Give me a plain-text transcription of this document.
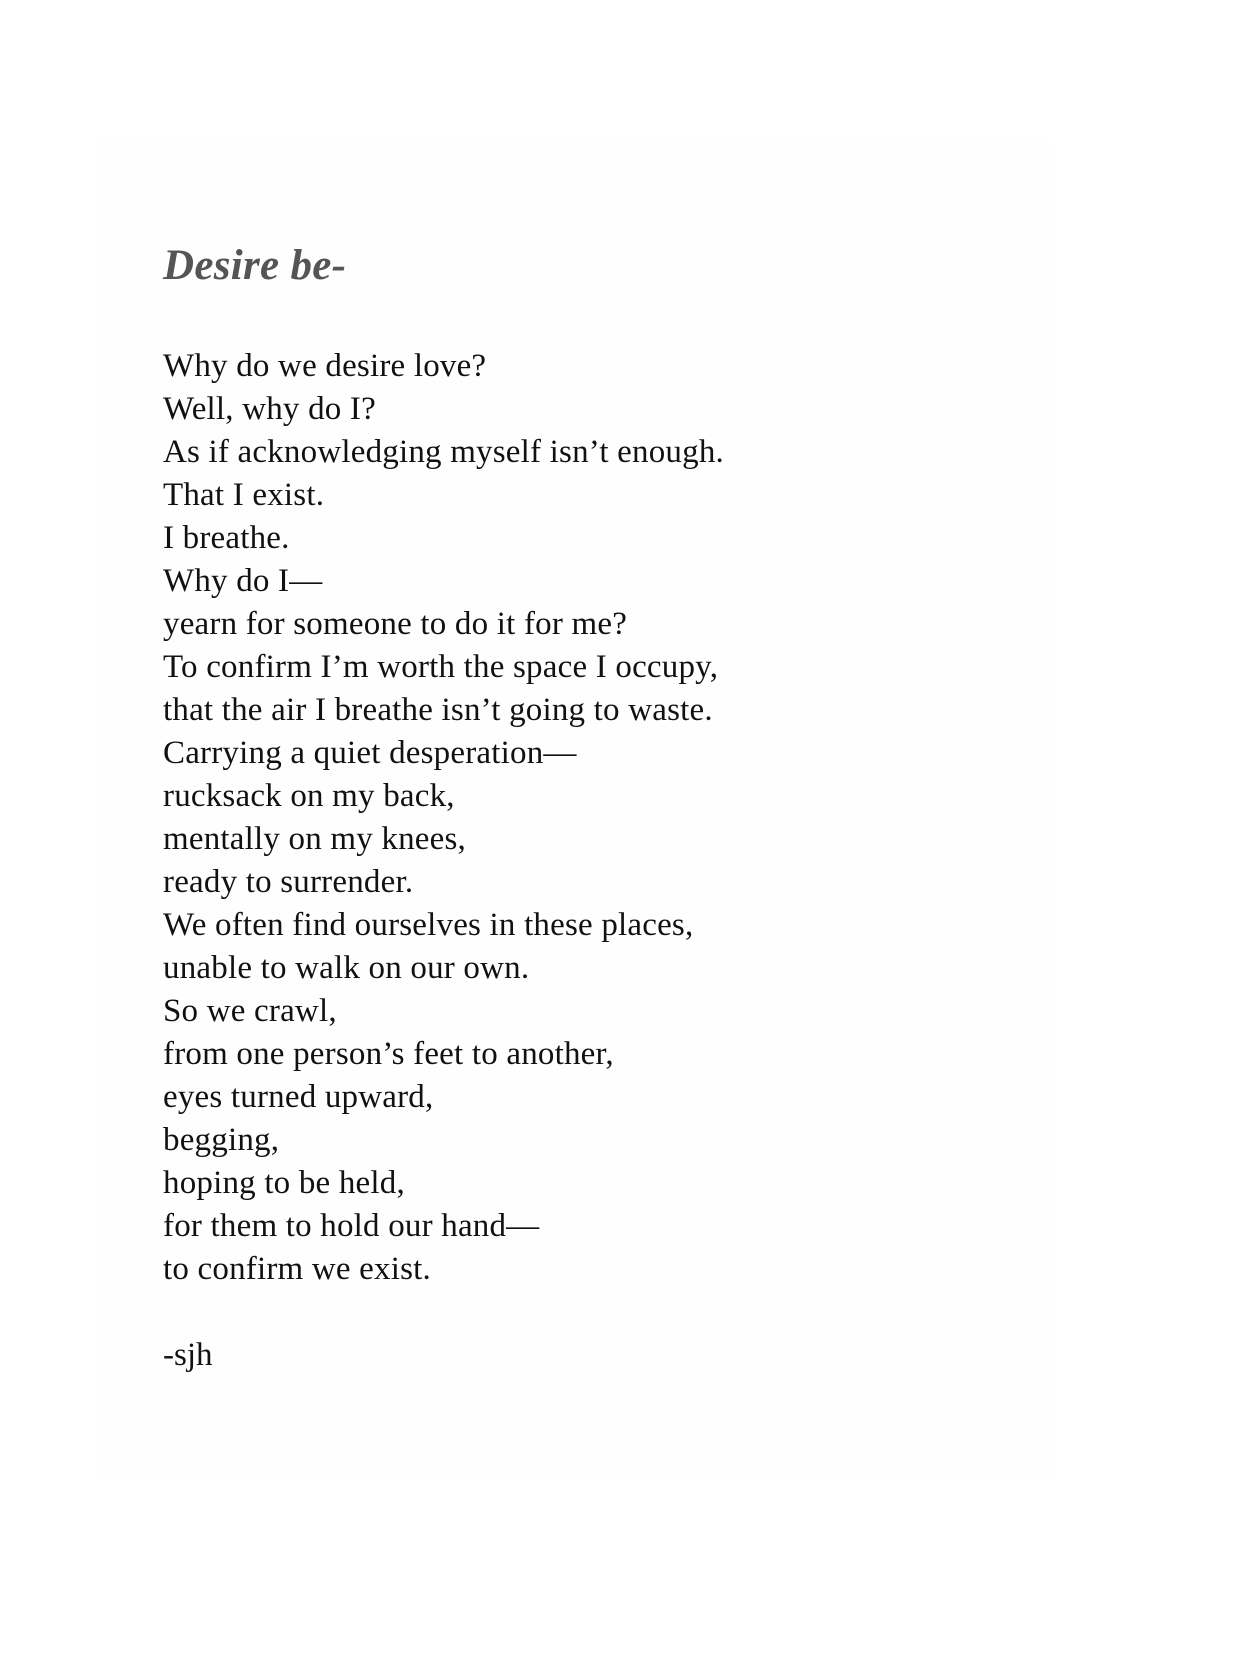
Desire be-
Why do we desire love?
Well, why do I?
As if acknowledging myself isn’t enough.
That I exist.
I breathe.
Why do I—
yearn for someone to do it for me?
To confirm I’m worth the space I occupy,
that the air I breathe isn’t going to waste.
Carrying a quiet desperation—
rucksack on my back,
mentally on my knees,
ready to surrender.
We often find ourselves in these places,
unable to walk on our own.
So we crawl,
from one person’s feet to another,
eyes turned upward,
begging,
hoping to be held,
for them to hold our hand—
to confirm we exist.
-sjh
